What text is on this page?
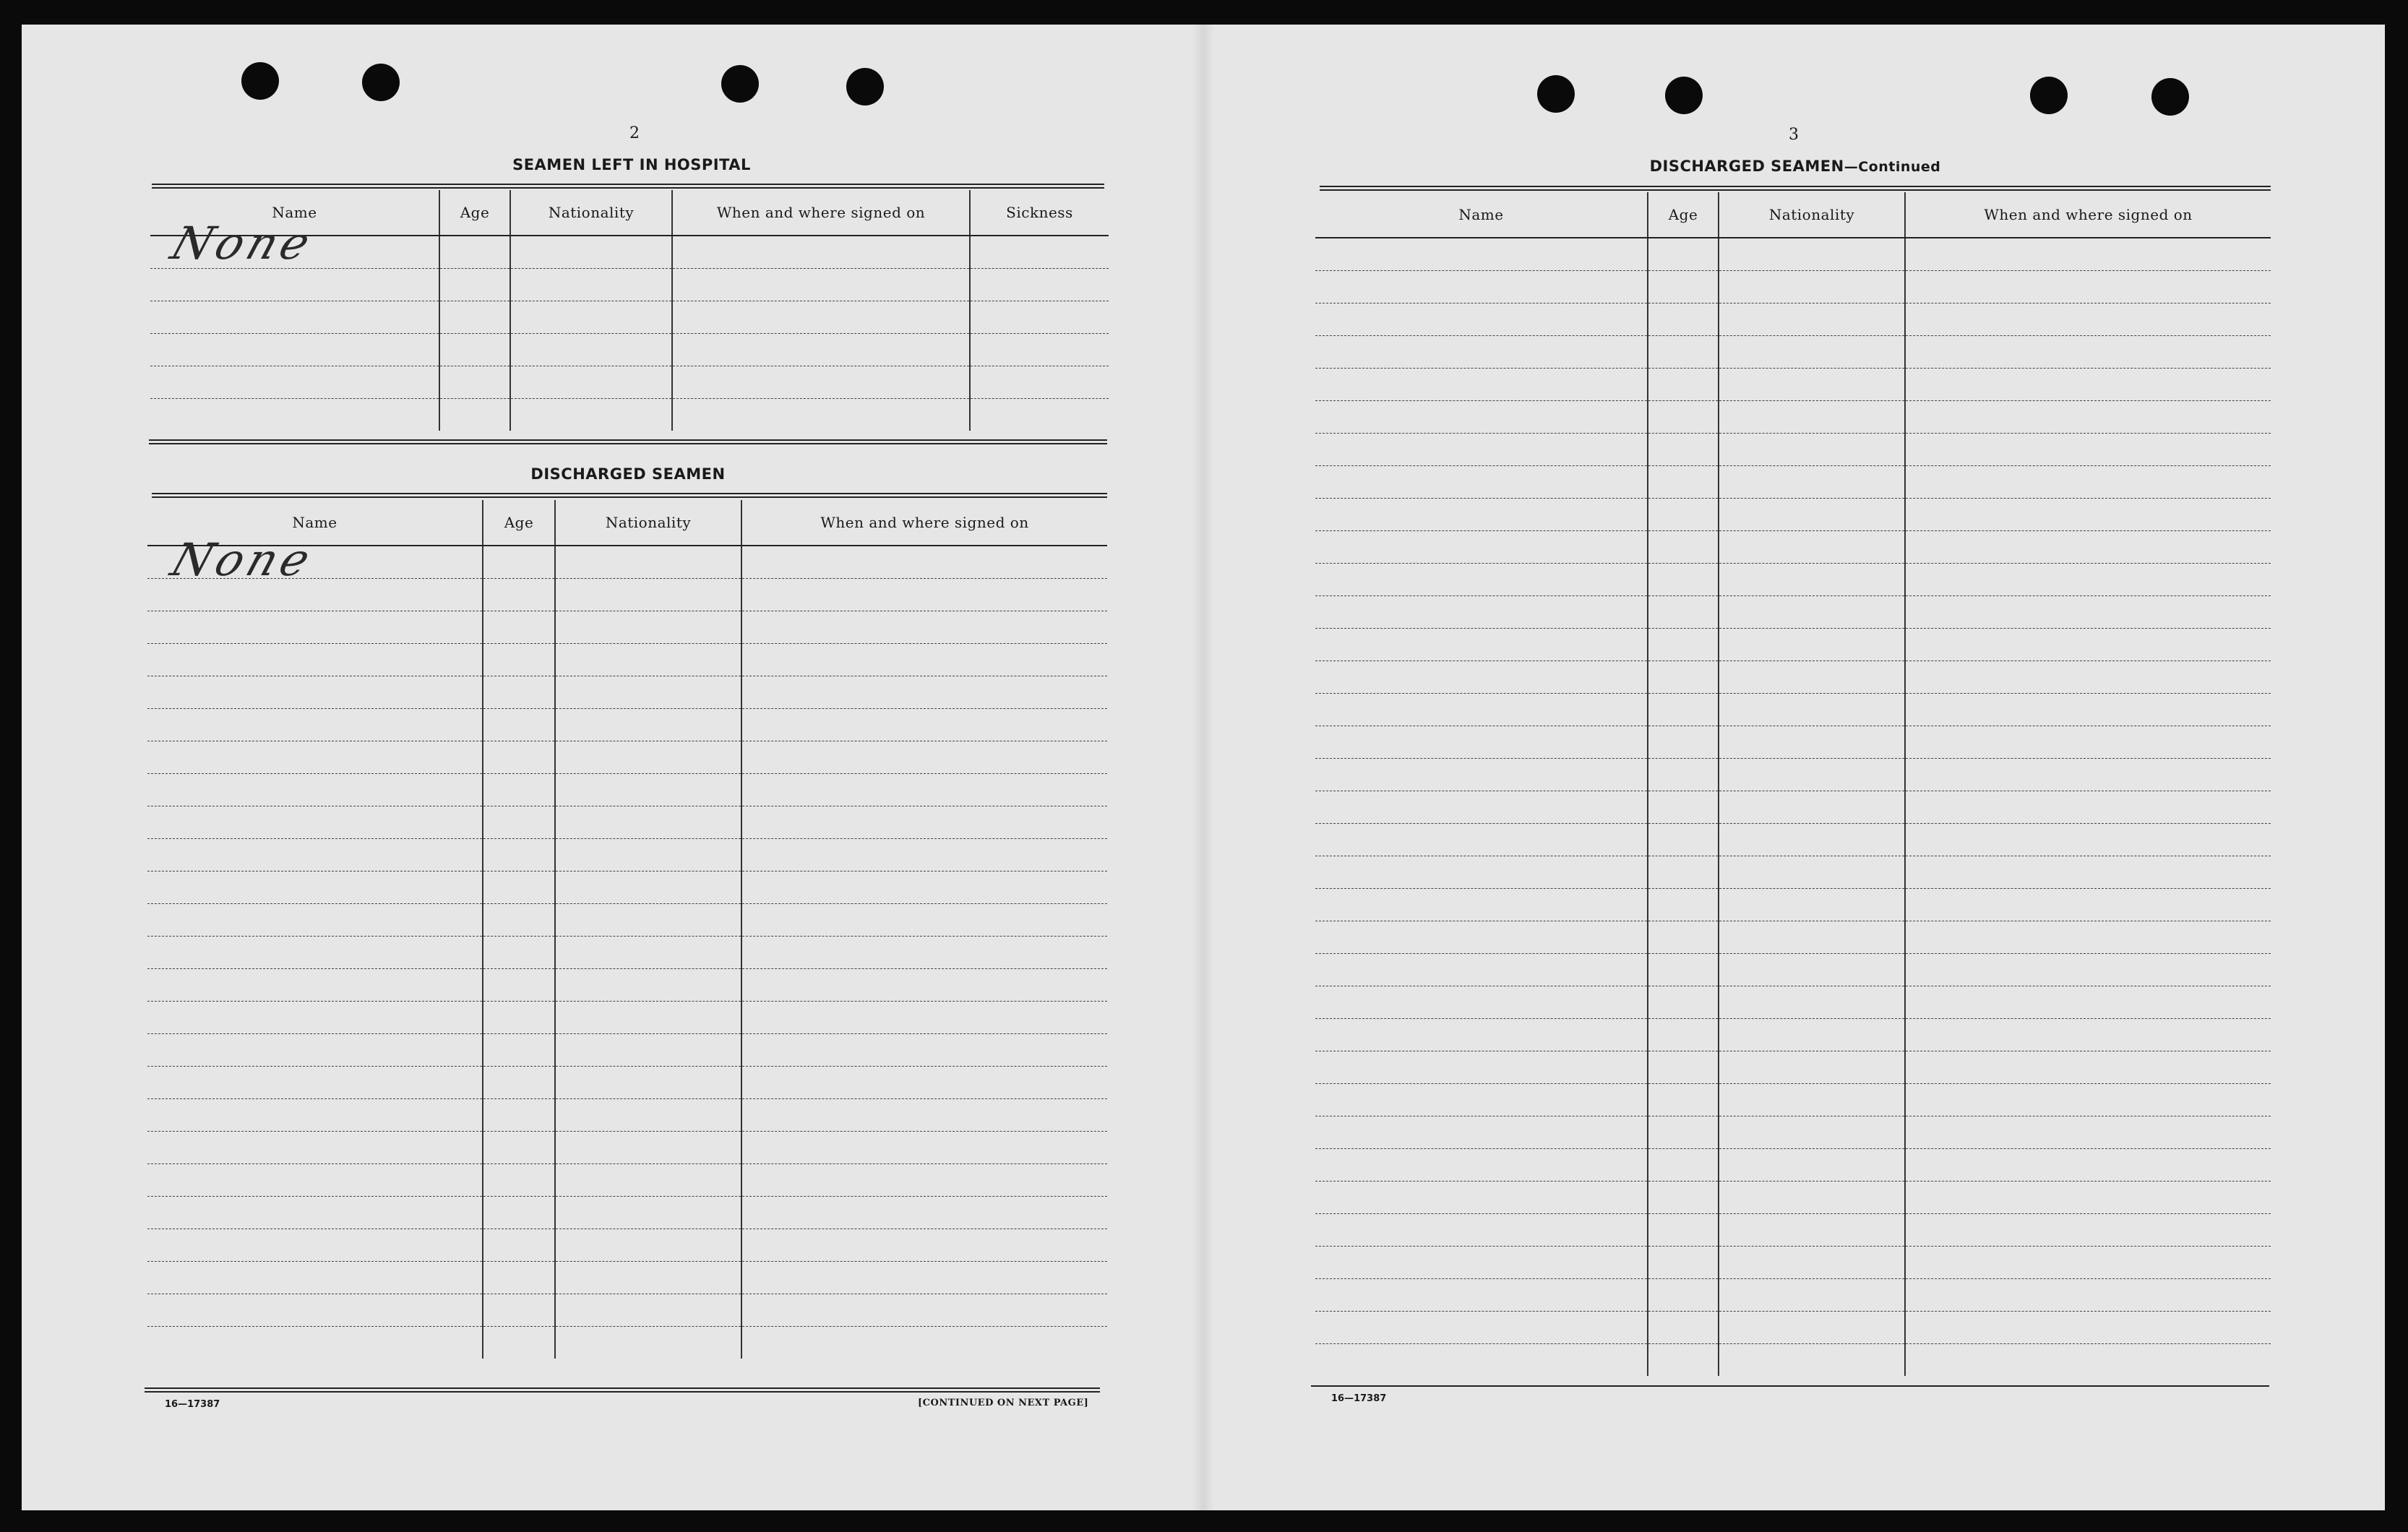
2
SEAMEN LEFT IN HOSPITAL
Name	Age	Nationality	When and where signed on	Sickness

None
DISCHARGED SEAMEN
Name	Age	Nationality	When and where signed on

None
16—17387	[CONTINUED ON NEXT PAGE]
3
DISCHARGED SEAMEN—Continued
Name	Age	Nationality	When and where signed on

16—17387
